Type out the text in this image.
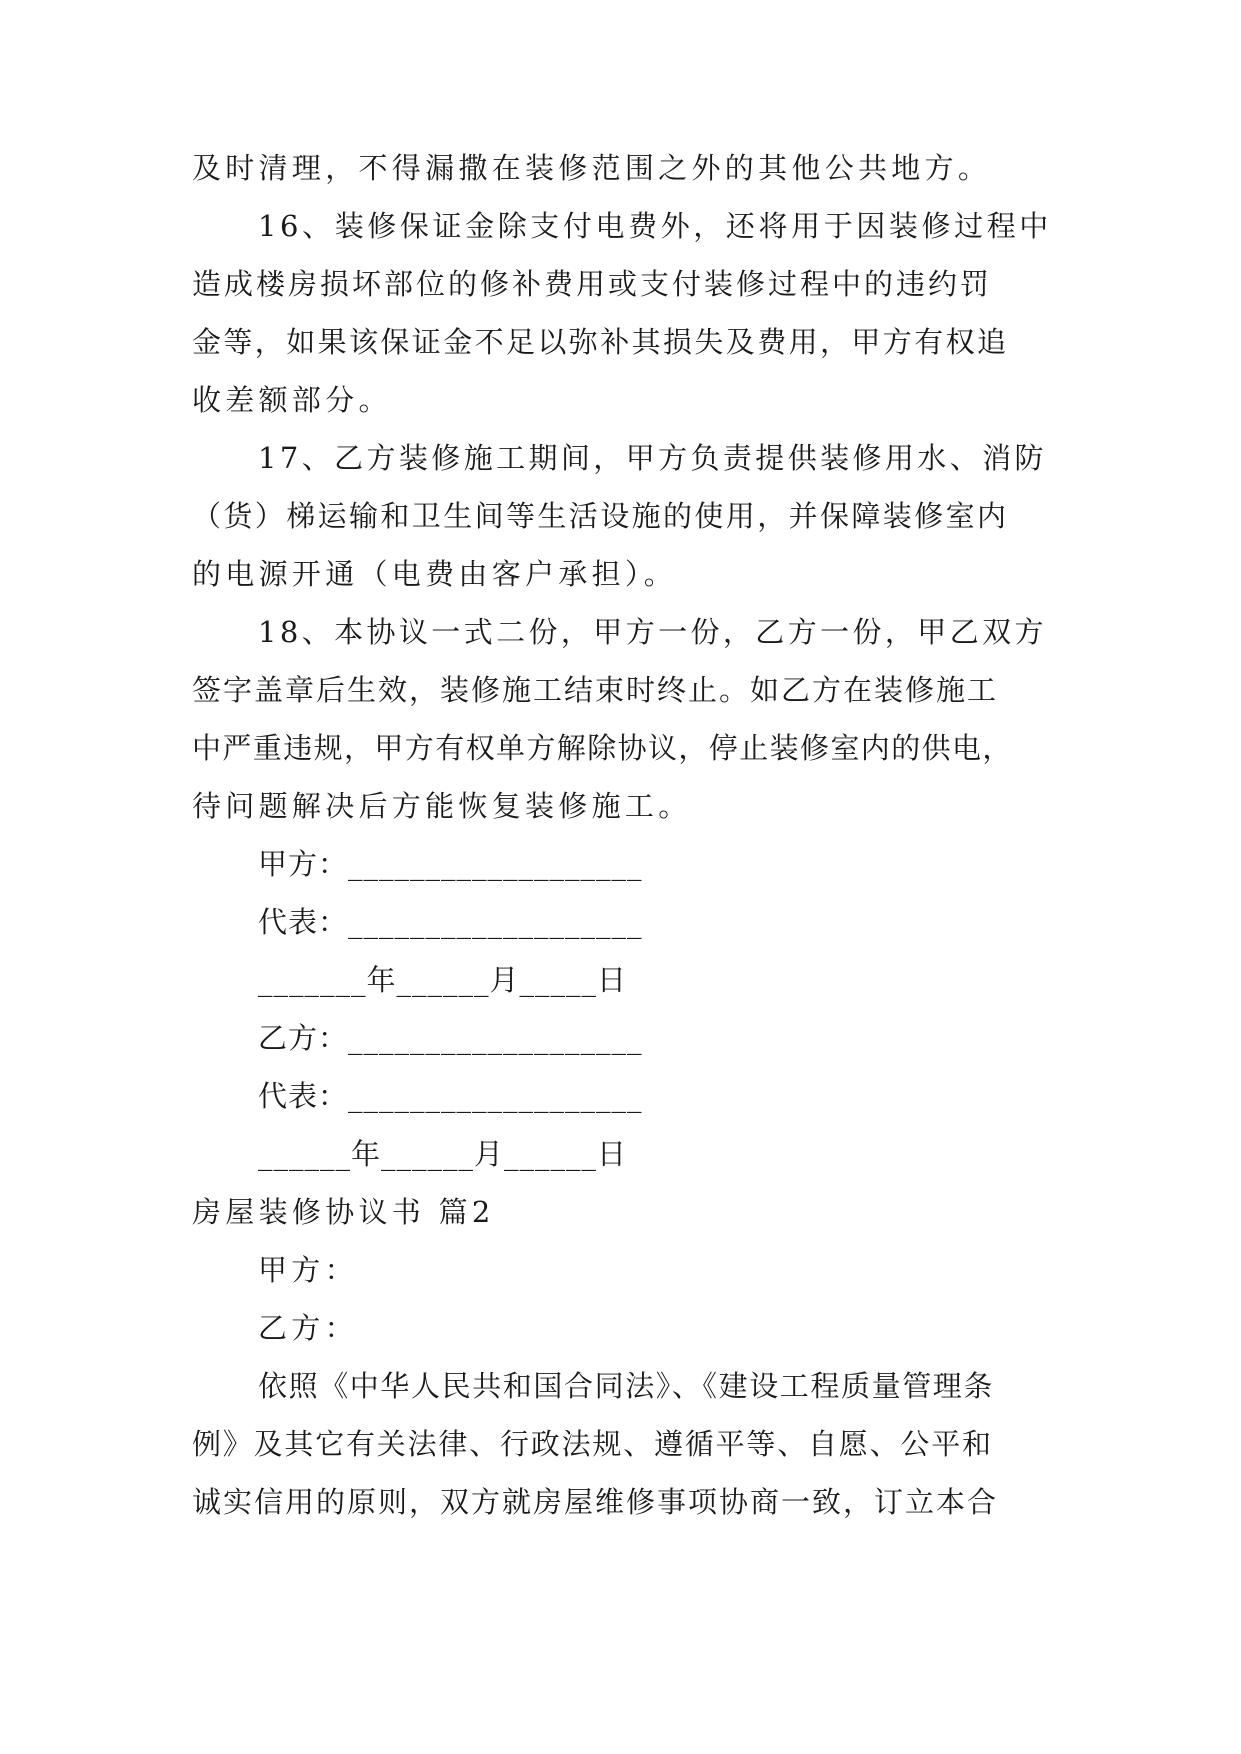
及时清理，不得漏撒在装修范围之外的其他公共地方。
16、装修保证金除支付电费外，还将用于因装修过程中
造成楼房损坏部位的修补费用或支付装修过程中的违约罚
金等，如果该保证金不足以弥补其损失及费用，甲方有权追
收差额部分。
17、乙方装修施工期间，甲方负责提供装修用水、消防
（货）梯运输和卫生间等生活设施的使用，并保障装修室内
的电源开通（电费由客户承担）。
18、本协议一式二份，甲方一份，乙方一份，甲乙双方
签字盖章后生效，装修施工结束时终止。如乙方在装修施工
中严重违规，甲方有权单方解除协议，停止装修室内的供电，
待问题解决后方能恢复装修施工。
甲方：___________________
代表：___________________
_______年______月_____日
乙方：___________________
代表：___________________
______年______月______日
房屋装修协议书 篇2
甲方：
乙方：
依照《中华人民共和国合同法》、《建设工程质量管理条
例》及其它有关法律、行政法规、遵循平等、自愿、公平和
诚实信用的原则，双方就房屋维修事项协商一致，订立本合
